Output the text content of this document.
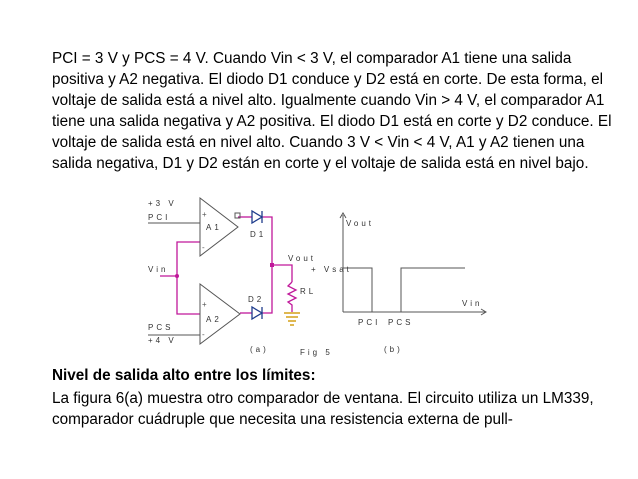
PCI = 3 V y PCS = 4 V. Cuando Vin < 3 V, el comparador A1 tiene una salida positiva y A2 negativa. El diodo D1 conduce y D2 está en corte. De esta forma, el voltaje de salida está a nivel alto. Igualmente cuando Vin > 4 V, el comparador A1 tiene una salida negativa y A2 positiva. El diodo D1 está en corte y D2 conduce. El voltaje de salida está en nivel alto. Cuando 3 V < Vin < 4 V, A1 y A2 tienen una salida negativa, D1 y D2 están en corte y el voltaje de salida está en nivel bajo.

+3 V
PCI
Vin
PCS
+4 V
A1
+
-
A2
+
-
D1
D2
Vout
RL
(a)	Fig 5
Vout
+ Vsat
Vin
PCI PCS
(b)

Nivel de salida alto entre los límites:

La figura 6(a) muestra otro comparador de ventana. El circuito utiliza un LM339, comparador cuádruple que necesita una resistencia externa de pull-
